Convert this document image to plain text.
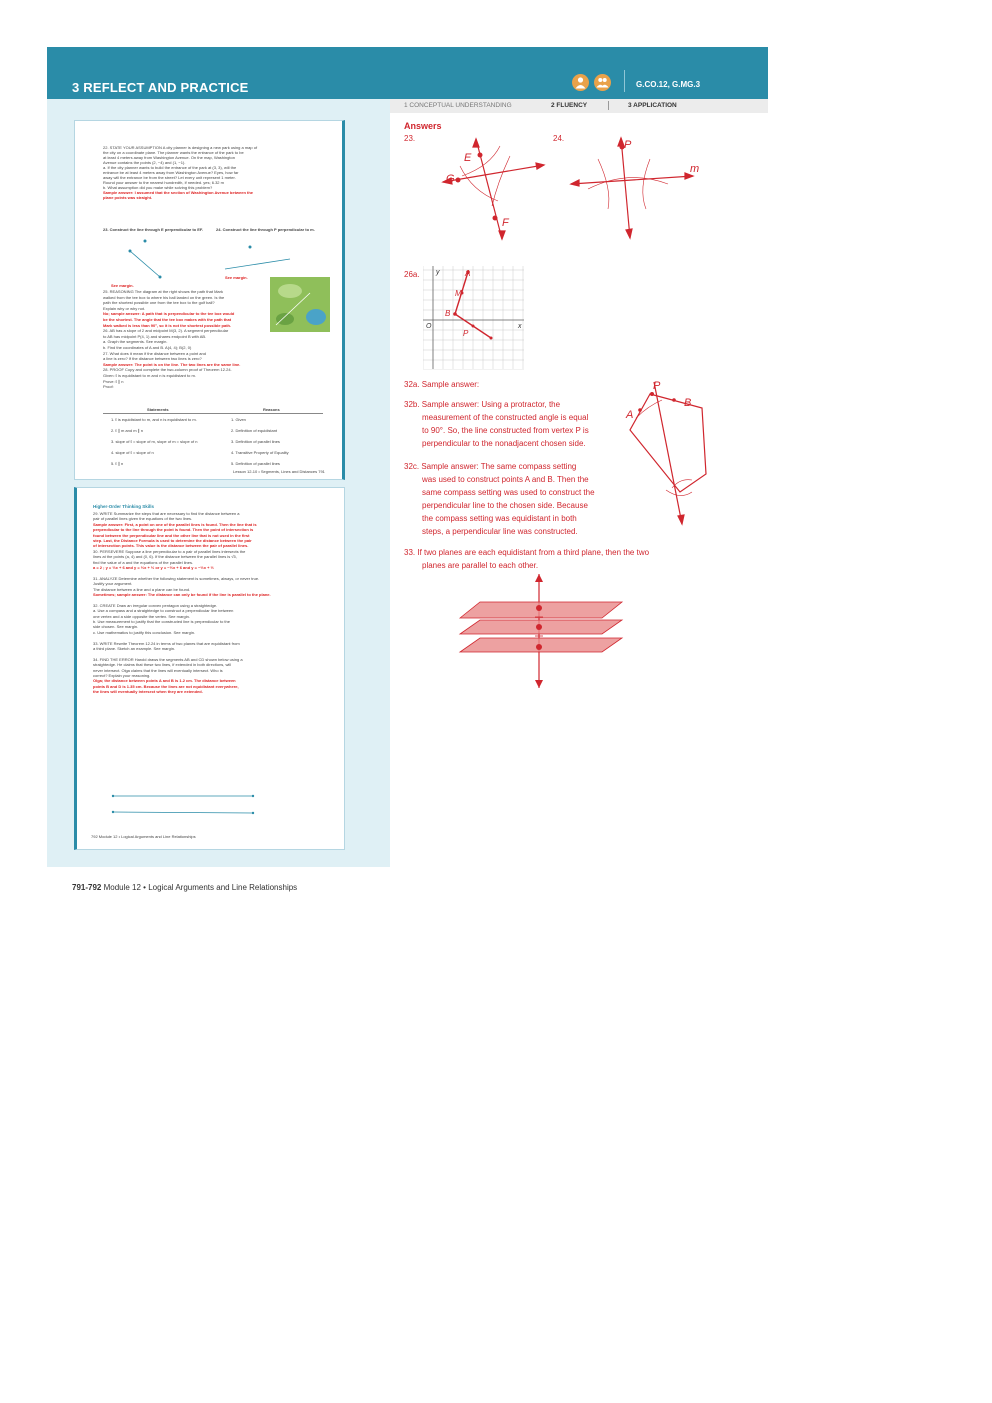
3 REFLECT AND PRACTICE	G.CO.12, G.MG.3
1 CONCEPTUAL UNDERSTANDING	2 FLUENCY	3 APPLICATION
22. STATE YOUR ASSUMPTION A city planner is designing a new park using a map of
the city on a coordinate plane. The planner wants the entrance of the park to be
at least 4 meters away from Washington Avenue. On the map, Washington
Avenue contains the points (2, −4) and (1, −1).
a. If the city planner wants to build the entrance of the park at (3, 3), will the
entrance be at least 4 meters away from Washington Avenue? Eyes, how far
away will the entrance be from the street? Let every unit represent 1 meter.
Round your answer to the nearest hundredth, if needed. yes; 6.32 m
b. What assumption did you make while solving this problem?
Sample answer: I assumed that the section of Washington Avenue between the
plane points was straight.
23. Construct the line through E perpendicular to EF.	24. Construct the line through P perpendicular to m.
See margin.
See margin.
25. REASONING The diagram at the right shows the path that Mark
walked from the tee box to where his ball landed on the green. Is the
path the shortest possible one from the tee box to the golf ball?
Explain why or why not.
No; sample answer: A path that is perpendicular to the tee box would
be the shortest. The angle that the tee box makes with the path that
Mark walked is less than 90°, so it is not the shortest possible path.
26. AB has a slope of 2 and midpoint M(3, 2). A segment perpendicular
to AB has midpoint P(4, 1) and shares endpoint B with AB.
a. Graph the segments. See margin.
b. Find the coordinates of A and B. A(4, 4); B(2, 0)
27. What does it mean if the distance between a point and
a line is zero? If the distance between two lines is zero?
Sample answer: The point is on the line. The two lines are the same line.
28. PROOF Copy and complete the two-column proof of Theorem 12.24.
Given: ℓ is equidistant to m and n is equidistant to m.
Prove: ℓ ∥ n
Proof:
Statements	Reasons
1. ℓ is equidistant to m, and n is equidistant to m.	1. Given
2. ℓ ∥ m and m ∥ n	2. Definition of equidistant
3. slope of ℓ = slope of m, slope of m = slope of n	3. Definition of parallel lines
4. slope of ℓ = slope of n	4. Transitive Property of Equality
5. ℓ ∥ n	5. Definition of parallel lines
Lesson 12-10 • Segments, Lines and Distances 791
Higher-Order Thinking Skills
29. WRITE Summarize the steps that are necessary to find the distance between a
pair of parallel lines given the equations of the two lines.
Sample answer: First, a point on one of the parallel lines is found. Then the line that is
perpendicular to the line through the point is found. Then the point of intersection is
found between the perpendicular line and the other line that is not used in the first
step. Last, the Distance Formula is used to determine the distance between the pair
of intersection points. This value is the distance between the pair of parallel lines.
30. PERSEVERE Suppose a line perpendicular to a pair of parallel lines intersects the
lines at the points (a, 4) and (0, 6). If the distance between the parallel lines is √5,
find the value of a and the equations of the parallel lines.
a = 2 ; y = ½x + 6 and y = ½x + ½ or y = −½x + 6 and y = −½x + ½
31. ANALYZE Determine whether the following statement is sometimes, always, or never true.
Justify your argument.
The distance between a line and a plane can be found.
Sometimes; sample answer: The distance can only be found if the line is parallel to the plane.
32. CREATE Draw an irregular convex pentagon using a straightedge.
a. Use a compass and a straightedge to construct a perpendicular line between
one vertex and a side opposite the vertex. See margin.
b. Use measurement to justify that the constructed line is perpendicular to the
side chosen. See margin.
c. Use mathematics to justify this conclusion. See margin.
33. WRITE Rewrite Theorem 12.24 in terms of two planes that are equidistant from
a third plane. Sketch an example. See margin.
34. FIND THE ERROR Harold draws the segments AB and CD shown below using a
straightedge. He claims that these two lines, if extended in both directions, will
never intersect. Olga claims that the lines will eventually intersect. Who is
correct? Explain your reasoning.
Olga; the distance between points A and B is 1.2 cm. The distance between
points B and D is 1.35 cm. Because the lines are not equidistant everywhere,
the lines will eventually intersect when they are extended.
792 Module 12 • Logical Arguments and Line Relationships
Answers
23.	24.
E
G
F
P
m
26a. y
x
O
A
M
B
P
32a. Sample answer:
32b. Sample answer: Using a protractor, the
measurement of the constructed angle is equal
to 90°. So, the line constructed from vertex P is
perpendicular to the nonadjacent chosen side.
32c. Sample answer: The same compass setting
was used to construct points A and B. Then the
same compass setting was used to construct the
perpendicular line to the chosen side. Because
the compass setting was equidistant in both
steps, a perpendicular line was constructed.
P
A
B
33. If two planes are each equidistant from a third plane, then the two
planes are parallel to each other.
791-792 Module 12 • Logical Arguments and Line Relationships
